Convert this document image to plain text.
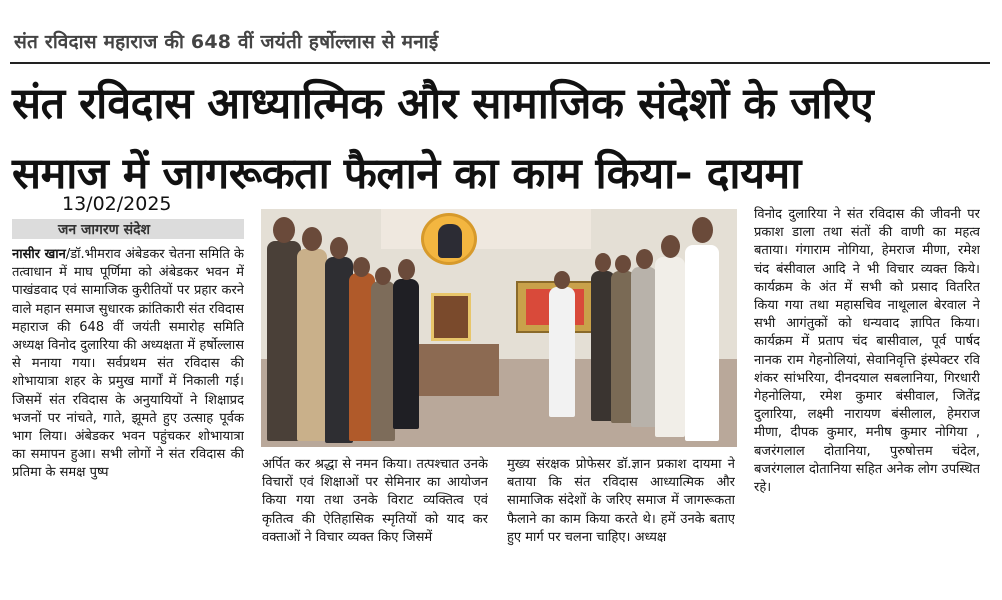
संत रविदास महाराज की 648 वीं जयंती हर्षोल्लास से मनाई
संत रविदास आध्यात्मिक और सामाजिक संदेशों के जरिए
समाज में जागरूकता फैलाने का काम किया- दायमा
13/02/2025
जन जागरण संदेश

नासीर खान/डॉ.भीमराव अंबेडकर चेतना समिति के तत्वाधान में माघ पूर्णिमा को अंबेडकर भवन में पाखंडवाद एवं सामाजिक कुरीतियों पर प्रहार करने वाले महान समाज सुधारक क्रांतिकारी संत रविदास महाराज की 648 वीं जयंती समारोह समिति अध्यक्ष विनोद दुलारिया की अध्यक्षता में हर्षोल्लास से मनाया गया। सर्वप्रथम संत रविदास की शोभायात्रा शहर के प्रमुख मार्गों में निकाली गई। जिसमें संत रविदास के अनुयायियों ने शिक्षाप्रद भजनों पर नांचते, गाते, झूमते हुए उत्साह पूर्वक भाग लिया। अंबेडकर भवन पहुंचकर शोभायात्रा का समापन हुआ। सभी लोगों ने संत रविदास की प्रतिमा के समक्ष पुष्प

अर्पित कर श्रद्धा से नमन किया। तत्पश्चात उनके विचारों एवं शिक्षाओं पर सेमिनार का आयोजन किया गया तथा उनके विराट व्यक्तित्व एवं कृतित्व की ऐतिहासिक स्मृतियों को याद कर वक्ताओं ने विचार व्यक्त किए जिसमें

मुख्य संरक्षक प्रोफेसर डॉ.ज्ञान प्रकाश दायमा ने बताया कि संत रविदास आध्यात्मिक और सामाजिक संदेशों के जरिए समाज में जागरूकता फैलाने का काम किया करते थे। हमें उनके बताए हुए मार्ग पर चलना चाहिए। अध्यक्ष

विनोद दुलारिया ने संत रविदास की जीवनी पर प्रकाश डाला तथा संतों की वाणी का महत्व बताया। गंगाराम नोगिया, हेमराज मीणा, रमेश चंद बंसीवाल आदि ने भी विचार व्यक्त किये। कार्यक्रम के अंत में सभी को प्रसाद वितरित किया गया तथा महासचिव नाथूलाल बेरवाल ने सभी आगंतुकों को धन्यवाद ज्ञापित किया। कार्यक्रम में प्रताप चंद बासीवाल, पूर्व पार्षद नानक राम गेहनोलियां, सेवानिवृत्ति इंस्पेक्टर रवि शंकर सांभरिया, दीनदयाल सबलानिया, गिरधारी गेहनोलिया, रमेश कुमार बंसीवाल, जितेंद्र दुलारिया, लक्ष्मी नारायण बंसीलाल, हेमराज मीणा, दीपक कुमार, मनीष कुमार नोगिया , बजरंगलाल दोतानिया, पुरुषोत्तम चंदेल, बजरंगलाल दोतानिया सहित अनेक लोग उपस्थित रहे।
